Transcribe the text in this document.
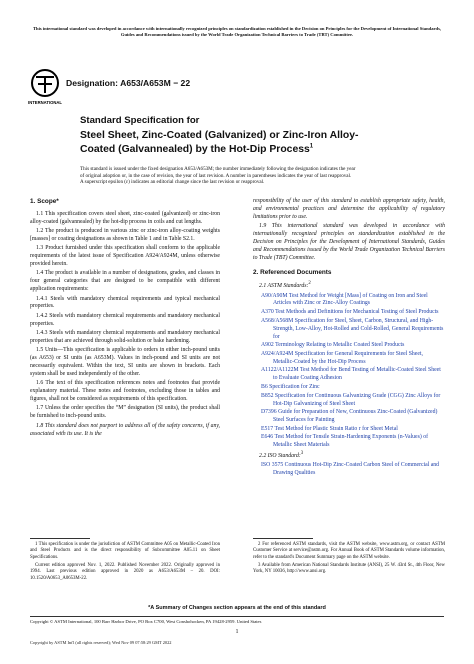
This international standard was developed in accordance with internationally recognized principles on standardization established in the Decision on Principles for the Development of International Standards, Guides and Recommendations issued by the World Trade Organization Technical Barriers to Trade (TBT) Committee.
INTERNATIONAL
Designation: A653/A653M − 22
Standard Specification for
Steel Sheet, Zinc-Coated (Galvanized) or Zinc-Iron Alloy-
Coated (Galvannealed) by the Hot-Dip Process$^1$
This standard is issued under the fixed designation A653/A653M; the number immediately following the designation indicates the year
of original adoption or, in the case of revision, the year of last revision. A number in parentheses indicates the year of last reapproval.
A superscript epsilon (ε) indicates an editorial change since the last revision or reapproval.
1. Scope*

1.1 This specification covers steel sheet, zinc-coated (galvanized) or zinc-iron alloy-coated (galvannealed) by the hot-dip process in coils and cut lengths.

1.2 The product is produced in various zinc or zinc-iron alloy-coating weights [masses] or coating designations as shown in Table 1 and in Table S2.1.

1.3 Product furnished under this specification shall conform to the applicable requirements of the latest issue of Specification A924/A924M, unless otherwise provided herein.

1.4 The product is available in a number of designations, grades, and classes in four general categories that are designed to be compatible with different application requirements:

1.4.1 Steels with mandatory chemical requirements and typical mechanical properties.

1.4.2 Steels with mandatory chemical requirements and mandatory mechanical properties.

1.4.3 Steels with mandatory chemical requirements and mandatory mechanical properties that are achieved through solid-solution or bake hardening.

1.5 Units—This specification is applicable to orders in either inch-pound units (as A653) or SI units (as A653M). Values in inch-pound and SI units are not necessarily equivalent. Within the text, SI units are shown in brackets. Each system shall be used independently of the other.

1.6 The text of this specification references notes and footnotes that provide explanatory material. These notes and footnotes, excluding those in tables and figures, shall not be considered as requirements of this specification.

1.7 Unless the order specifies the “M” designation (SI units), the product shall be furnished to inch-pound units.

1.8 This standard does not purport to address all of the safety concerns, if any, associated with its use. It is the

responsibility of the user of this standard to establish appropriate safety, health, and environmental practices and determine the applicability of regulatory limitations prior to use.

1.9 This international standard was developed in accordance with internationally recognized principles on standardization established in the Decision on Principles for the Development of International Standards, Guides and Recommendations issued by the World Trade Organization Technical Barriers to Trade (TBT) Committee.

2. Referenced Documents
2.1 ASTM Standards:$^2$
A90/A90M Test Method for Weight [Mass] of Coating on Iron and Steel Articles with Zinc or Zinc-Alloy Coatings
A370 Test Methods and Definitions for Mechanical Testing of Steel Products
A568/A568M Specification for Steel, Sheet, Carbon, Structural, and High-Strength, Low-Alloy, Hot-Rolled and Cold-Rolled, General Requirements for
A902 Terminology Relating to Metallic Coated Steel Products
A924/A924M Specification for General Requirements for Steel Sheet, Metallic-Coated by the Hot-Dip Process
A1122/A1122M Test Method for Bend Testing of Metallic-Coated Steel Sheet to Evaluate Coating Adhesion
B6 Specification for Zinc
B852 Specification for Continuous Galvanizing Grade (CGG) Zinc Alloys for Hot-Dip Galvanizing of Steel Sheet
D7396 Guide for Preparation of New, Continuous Zinc-Coated (Galvanized) Steel Surfaces for Painting
E517 Test Method for Plastic Strain Ratio r for Sheet Metal
E646 Test Method for Tensile Strain-Hardening Exponents (n-Values) of Metallic Sheet Materials
2.2 ISO Standard:$^3$
ISO 3575 Continuous Hot-Dip Zinc-Coated Carbon Steel of Commercial and Drawing Qualities

1 This specification is under the jurisdiction of ASTM Committee A05 on Metallic-Coated Iron and Steel Products and is the direct responsibility of Subcommittee A05.11 on Sheet Specifications.

Current edition approved Nov. 1, 2022. Published November 2022. Originally approved in 1994. Last previous edition approved in 2020 as A653/A653M – 20. DOI: 10.1520/A0653_A0653M-22.

2 For referenced ASTM standards, visit the ASTM website, www.astm.org, or contact ASTM Customer Service at service@astm.org. For Annual Book of ASTM Standards volume information, refer to the standard's Document Summary page on the ASTM website.

3 Available from American National Standards Institute (ANSI), 25 W. 43rd St., 4th Floor, New York, NY 10036, http://www.ansi.org.

*A Summary of Changes section appears at the end of this standard
Copyright © ASTM International, 100 Barr Harbor Drive, PO Box C700, West Conshohocken, PA 19428-2959. United States
1
Copyright by ASTM Int'l (all rights reserved); Wed Nov 09 07:58:29 GMT 2022
